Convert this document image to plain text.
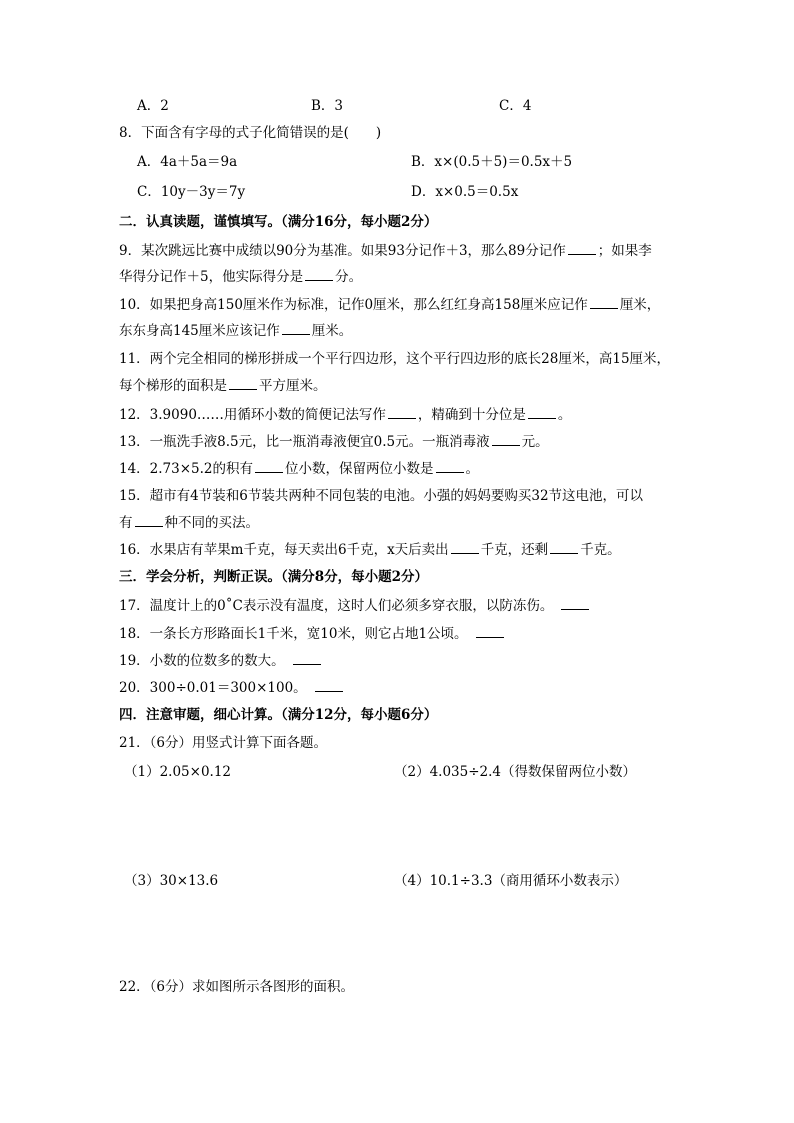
A．2	B．3	C．4
8．下面含有字母的式子化简错误的是(　　)
A．4a＋5a＝9a	B．x×(0.5＋5)＝0.5x＋5
C．10y－3y＝7y	D．x×0.5＝0.5x
二．认真读题，谨慎填写。（满分16分，每小题2分）
9．某次跳远比赛中成绩以90分为基准。如果93分记作＋3，那么89分记作 ；如果李
华得分记作＋5，他实际得分是 分。
10．如果把身高150厘米作为标准，记作0厘米，那么红红身高158厘米应记作 厘米，
东东身高145厘米应该记作 厘米。
11．两个完全相同的梯形拼成一个平行四边形，这个平行四边形的底长28厘米，高15厘米，
每个梯形的面积是 平方厘米。
12．3.9090……用循环小数的简便记法写作 ，精确到十分位是 。
13．一瓶洗手液8.5元，比一瓶消毒液便宜0.5元。一瓶消毒液 元。
14．2.73×5.2的积有 位小数，保留两位小数是 。
15．超市有4节装和6节装共两种不同包装的电池。小强的妈妈要购买32节这电池，可以
有 种不同的买法。
16．水果店有苹果m千克，每天卖出6千克，x天后卖出 千克，还剩 千克。
三．学会分析，判断正误。（满分8分，每小题2分）
17．温度计上的0˚C表示没有温度，这时人们必须多穿衣服，以防冻伤。
18．一条长方形路面长1千米，宽10米，则它占地1公顷。
19．小数的位数多的数大。
20．300÷0.01＝300×100。
四．注意审题，细心计算。（满分12分，每小题6分）
21．（6分）用竖式计算下面各题。
（1）2.05×0.12	（2）4.035÷2.4（得数保留两位小数）
（3）30×13.6	（4）10.1÷3.3（商用循环小数表示）
22．（6分）求如图所示各图形的面积。
